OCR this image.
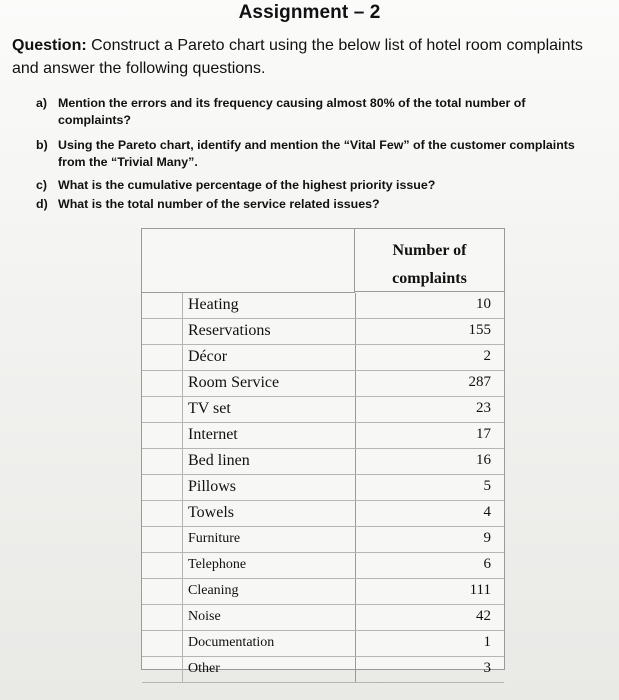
Assignment – 2
Question: Construct a Pareto chart using the below list of hotel room complaints and answer the following questions.
a) Mention the errors and its frequency causing almost 80% of the total number of
complaints?
b) Using the Pareto chart, identify and mention the “Vital Few” of the customer complaints
from the “Trivial Many”.
c) What is the cumulative percentage of the highest priority issue?
d) What is the total number of the service related issues?
Number of
complaints
Heating	10
Reservations	155
Décor	2
Room Service	287
TV set	23
Internet	17
Bed linen	16
Pillows	5
Towels	4
Furniture	9
Telephone	6
Cleaning	111
Noise	42
Documentation	1
Other	3
